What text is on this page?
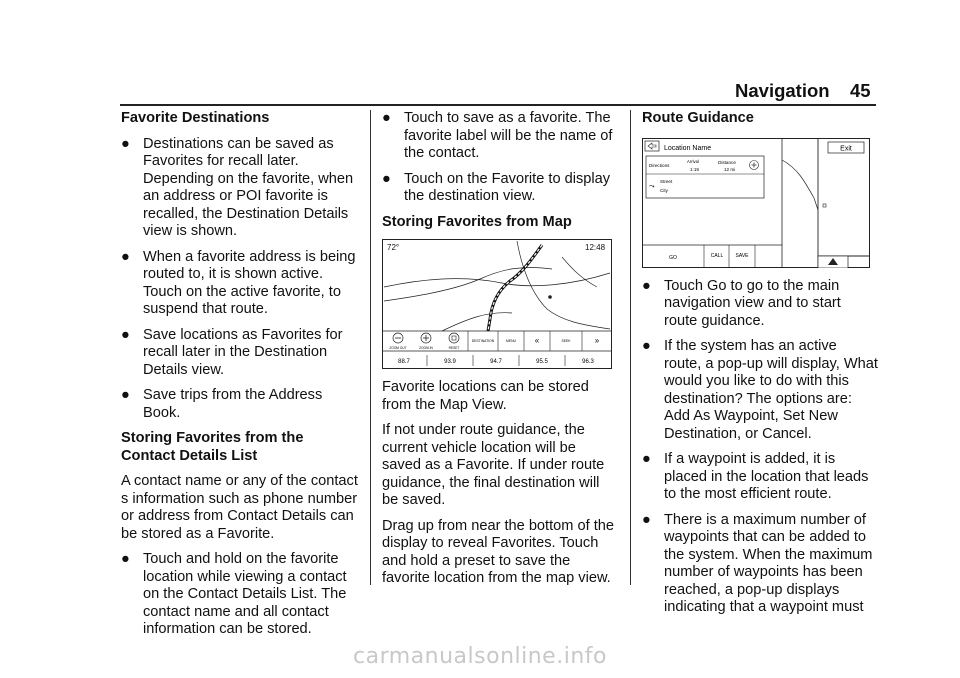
Navigation 45
Favorite Destinations
● Destinations can be saved as Favorites for recall later. Depending on the favorite, when an address or POI favorite is recalled, the Destination Details view is shown.
● When a favorite address is being routed to, it is shown active. Touch on the active favorite, to suspend that route.
● Save locations as Favorites for recall later in the Destination Details view.
● Save trips from the Address Book.
Storing Favorites from the Contact Details List
A contact name or any of the contact s information such as phone number or address from Contact Details can be stored as a Favorite.
● Touch and hold on the favorite location while viewing a contact on the Contact Details List. The contact name and all contact information can be stored.
● Touch to save as a favorite. The favorite label will be the name of the contact.
● Touch on the Favorite to display the destination view.
Storing Favorites from Map
72°	12:48
ZOOM OUT	ZOOM IN	RESET
DESTINATION	MENU «	SEEK	»
88.7	93.9	94.7	95.5	96.3
Favorite locations can be stored from the Map View.
If not under route guidance, the current vehicle location will be saved as a Favorite. If under route guidance, the final destination will be saved.
Drag up from near the bottom of the display to reveal Favorites. Touch and hold a preset to save the favorite location from the map view.
Route Guidance
Exit
Location Name
Directions
Arrival
1:19
Distance
12 mi
⤳
Street
City
GO	CALL SAVE
● Touch Go to go to the main navigation view and to start route guidance.
● If the system has an active route, a pop-up will display, What would you like to do with this destination? The options are: Add As Waypoint, Set New Destination, or Cancel.
● If a waypoint is added, it is placed in the location that leads to the most efficient route.
● There is a maximum number of waypoints that can be added to the system. When the maximum number of waypoints has been reached, a pop-up displays indicating that a waypoint must
carmanualsonline.info
